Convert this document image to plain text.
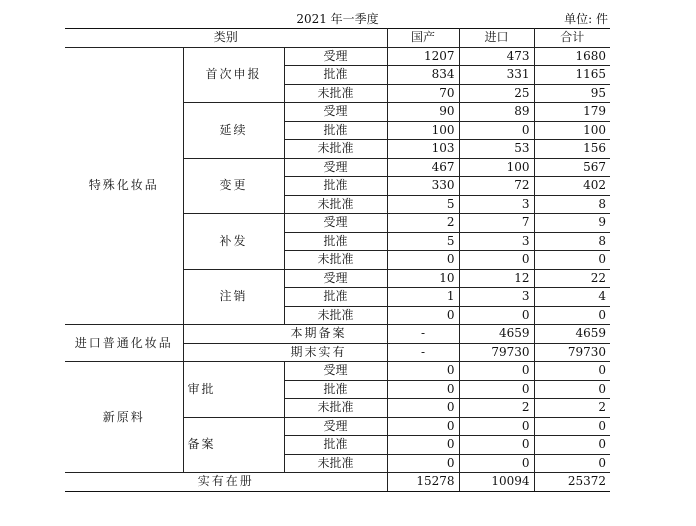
2021 年一季度	单位: 件
类别			国产	进口	合计
特殊化妆品	首次申报	受理	1207	473	1680
		批准	834	331	1165
		未批准	70	25	95
	延续	受理	90	89	179
		批准	100	0	100
		未批准	103	53	156
	变更	受理	467	100	567
		批准	330	72	402
		未批准	5	3	8
	补发	受理	2	7	9
		批准	5	3	8
		未批准	0	0	0
	注销	受理	10	12	22
		批准	1	3	4
		未批准	0	0	0
进口普通化妆品	本期备案		-	4659	4659
	期末实有		-	79730	79730
新原料	审批	受理	0	0	0
		批准	0	0	0
		未批准	0	2	2
	备案	受理	0	0	0
		批准	0	0	0
		未批准	0	0	0
实有在册			15278	10094	25372
